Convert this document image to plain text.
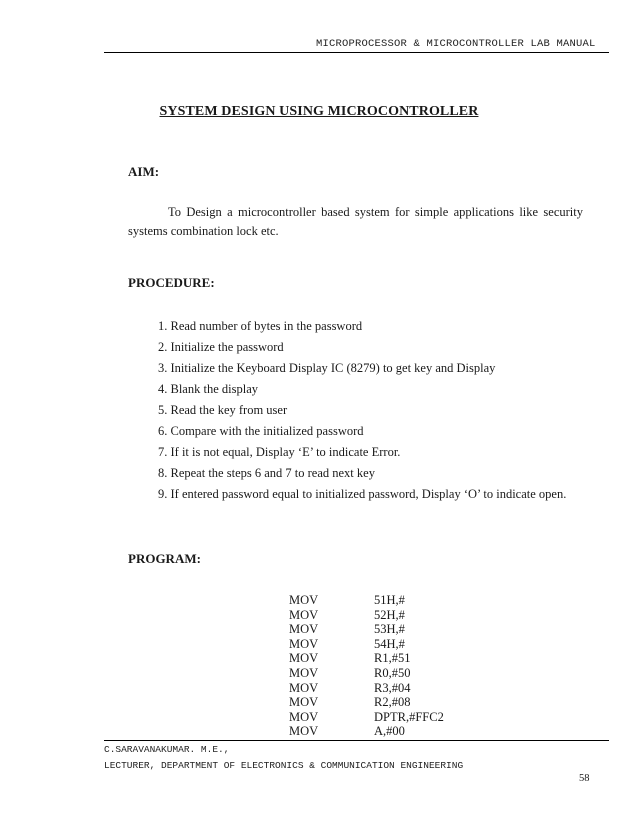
MICROPROCESSOR & MICROCONTROLLER LAB MANUAL
SYSTEM DESIGN USING MICROCONTROLLER
AIM:
To Design a microcontroller based system for simple applications like security systems combination lock etc.
PROCEDURE:
1. Read number of bytes in the password
2. Initialize the password
3. Initialize the Keyboard Display IC (8279) to get key and Display
4. Blank the display
5. Read the key from user
6. Compare with the initialized password
7. If it is not equal, Display ‘E’ to indicate Error.
8. Repeat the steps 6 and 7 to read next key
9. If entered password equal to initialized password, Display ‘O’ to indicate open.
PROGRAM:
MOV	51H,#
MOV	52H,#
MOV	53H,#
MOV	54H,#
MOV	R1,#51
MOV	R0,#50
MOV	R3,#04
MOV	R2,#08
MOV	DPTR,#FFC2
MOV	A,#00
C.SARAVANAKUMAR. M.E.,
LECTURER, DEPARTMENT OF ELECTRONICS & COMMUNICATION ENGINEERING
58
